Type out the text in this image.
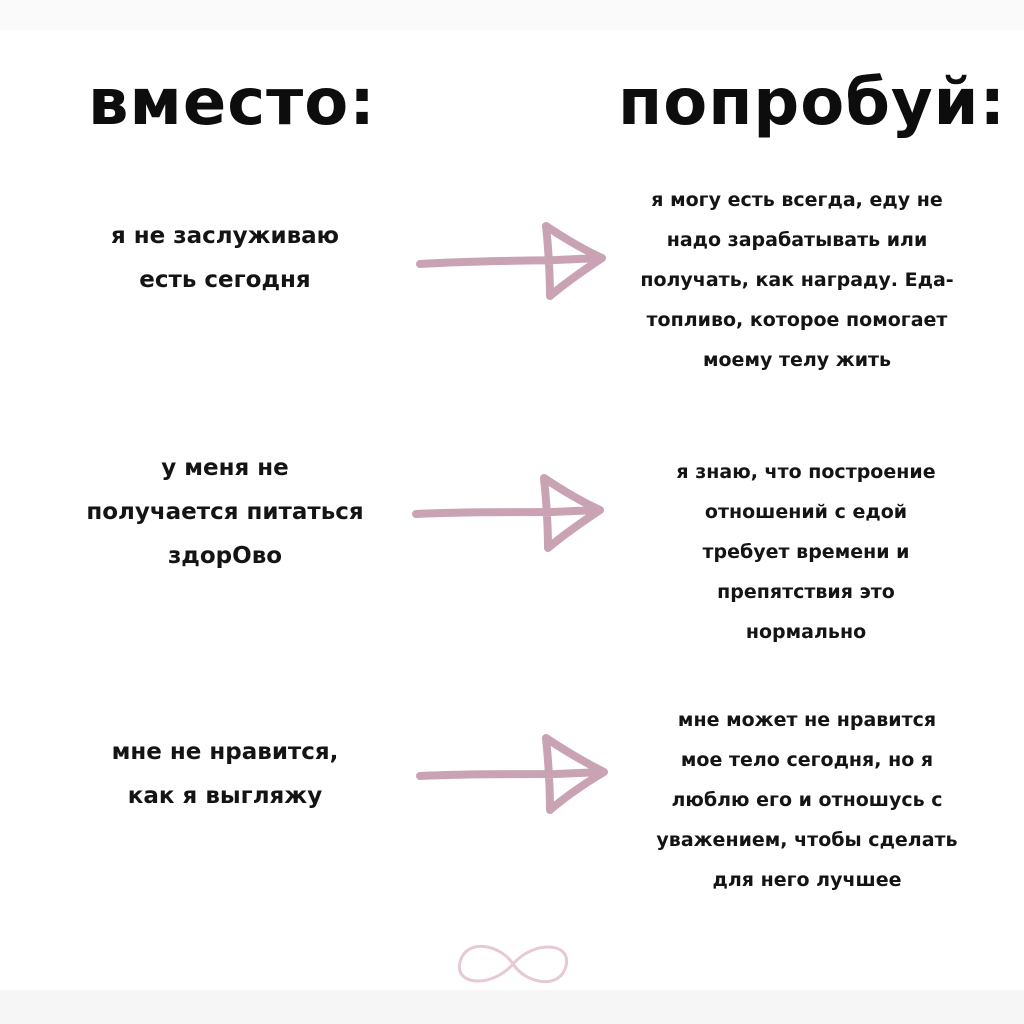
вместо:	попробуй:
я не заслуживаю
есть сегодня
я могу есть всегда, еду не
надо зарабатывать или
получать, как награду. Еда-
топливо, которое помогает
моему телу жить
у меня не
получается питаться
здорОво
я знаю, что построение
отношений с едой
требует времени и
препятствия это
нормально
мне не нравится,
как я выгляжу
мне может не нравится
мое тело сегодня, но я
люблю его и отношусь с
уважением, чтобы сделать
для него лучшее
